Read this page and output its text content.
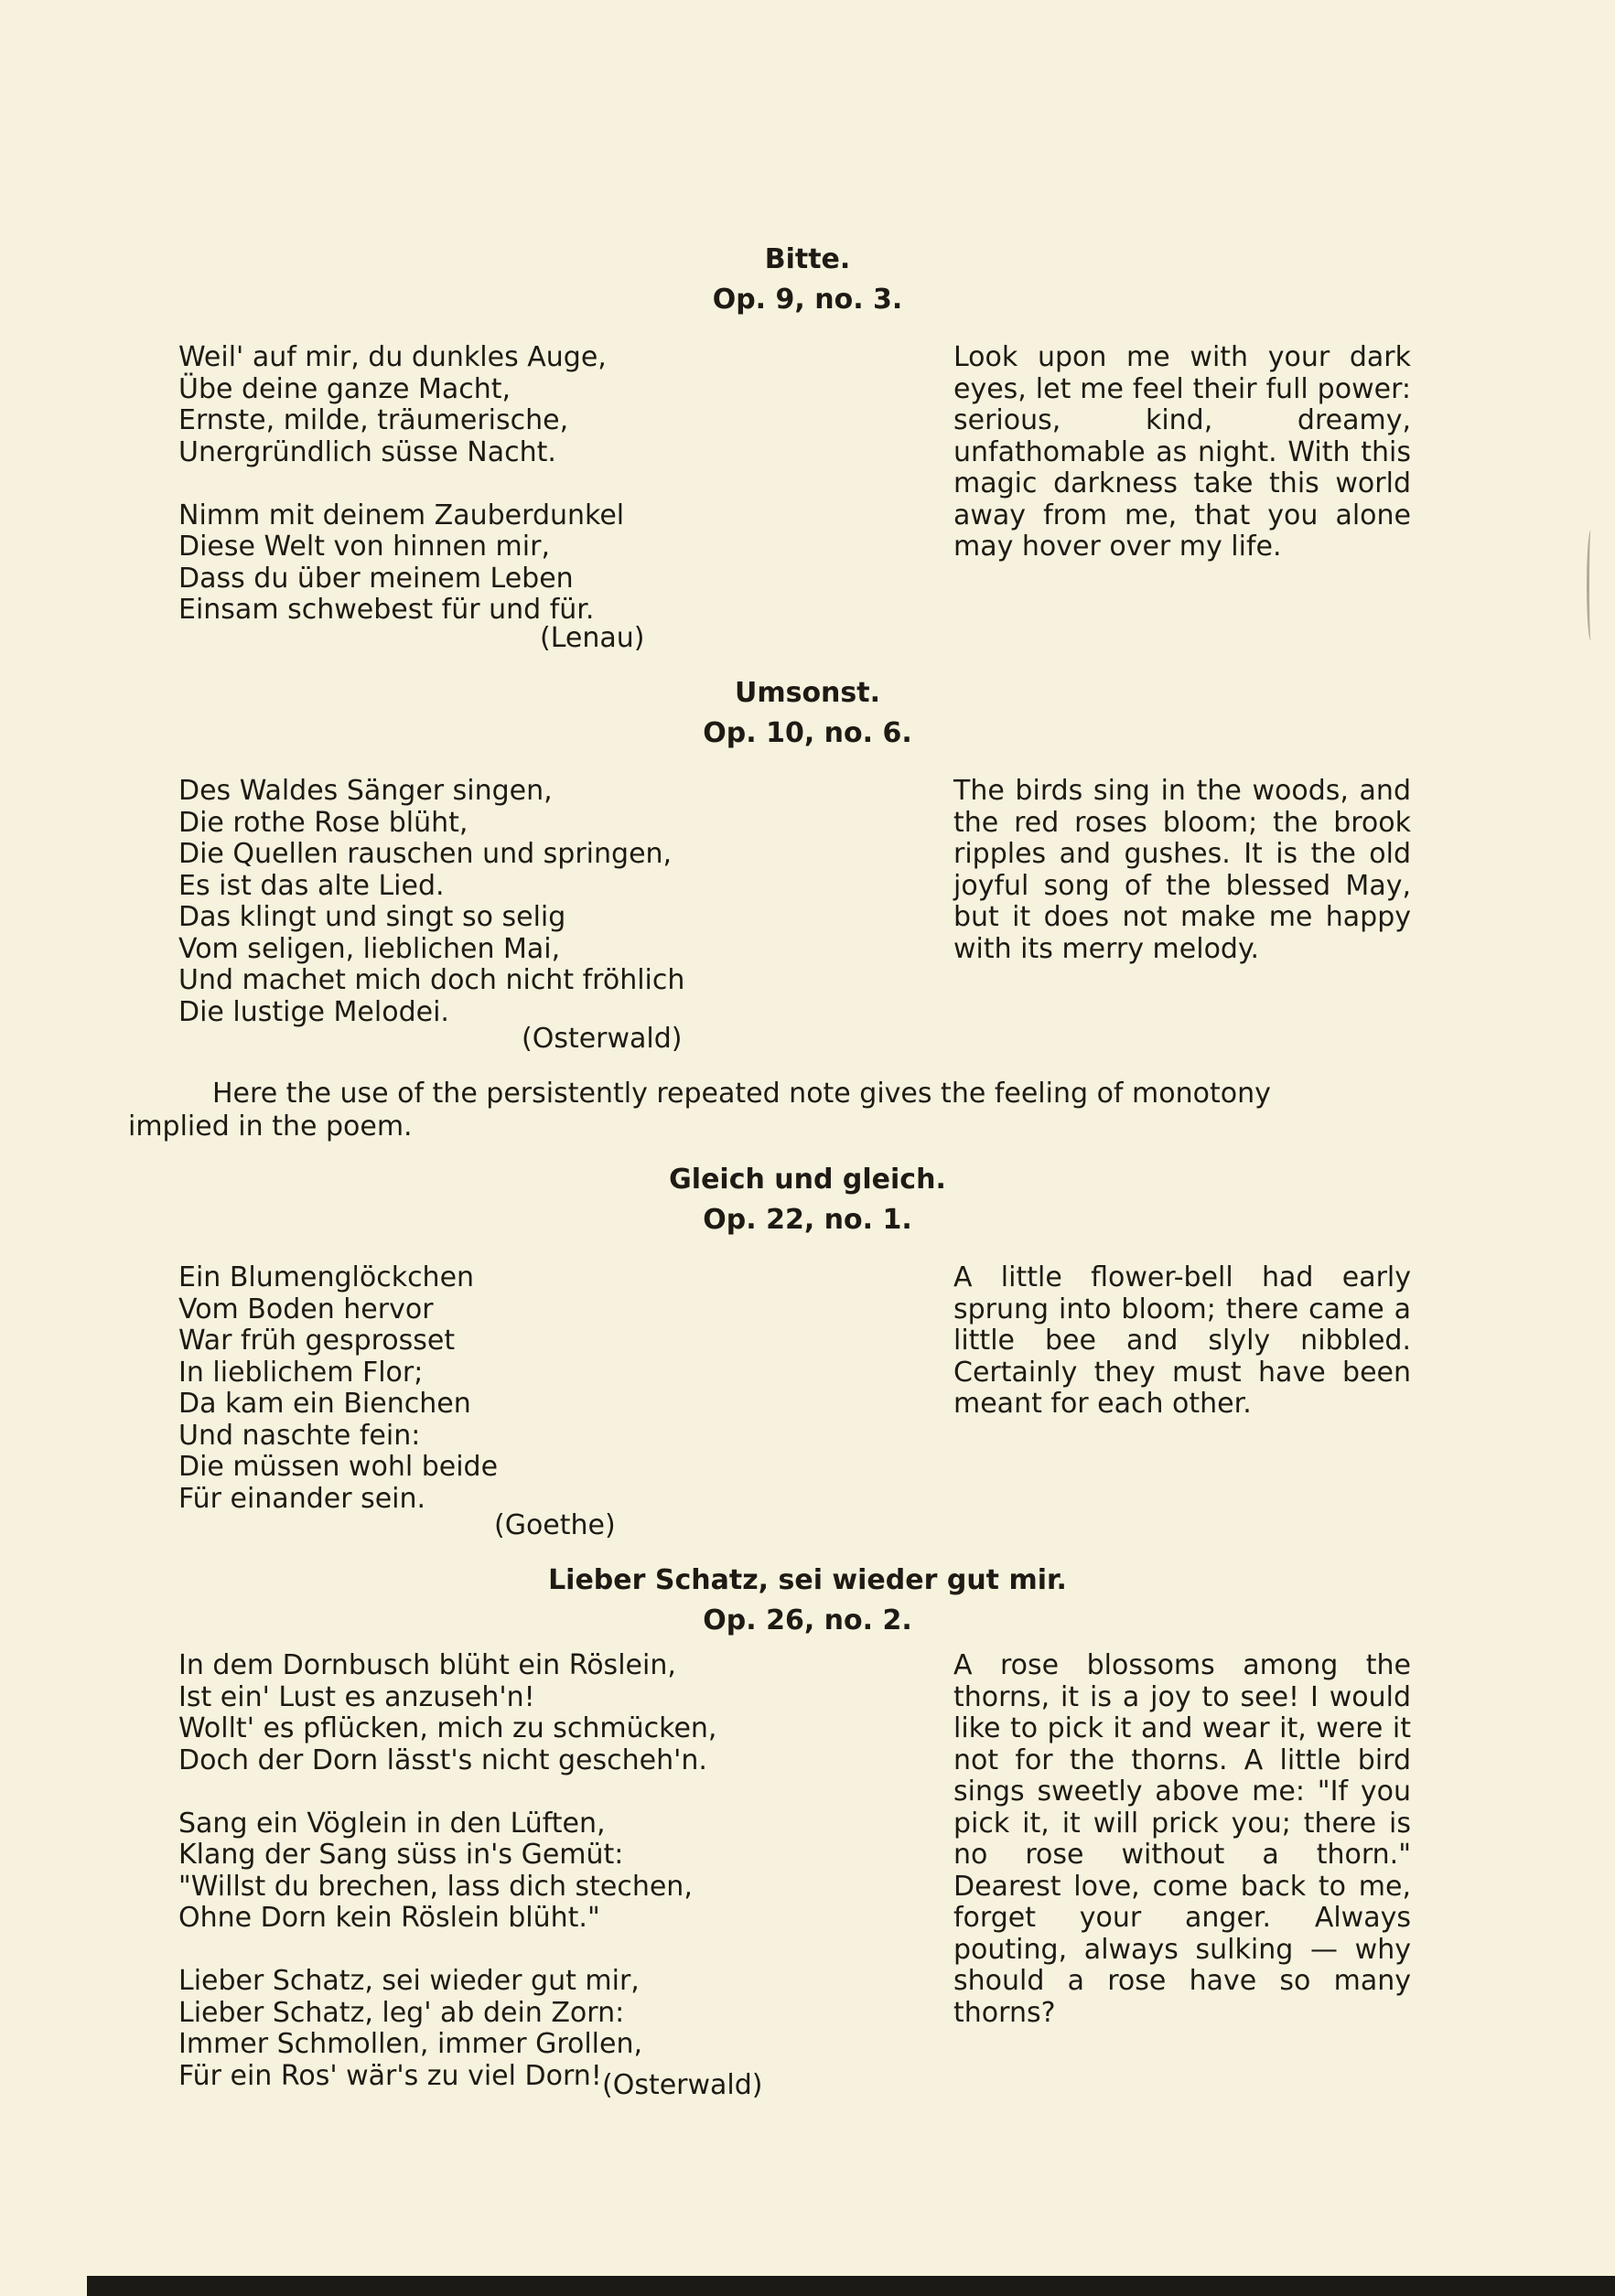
Bitte.
Op. 9, no. 3.
Weil' auf mir, du dunkles Auge,
Übe deine ganze Macht,
Ernste, milde, träumerische,
Unergründlich süsse Nacht.

Nimm mit deinem Zauberdunkel
Diese Welt von hinnen mir,
Dass du über meinem Leben
Einsam schwebest für und für.
(Lenau)
Look upon me with your dark eyes, let me feel their full power: serious, kind, dreamy, unfathomable as night. With this magic darkness take this world away from me, that you alone may hover over my life.
Umsonst.
Op. 10, no. 6.
Des Waldes Sänger singen,
Die rothe Rose blüht,
Die Quellen rauschen und springen,
Es ist das alte Lied.
Das klingt und singt so selig
Vom seligen, lieblichen Mai,
Und machet mich doch nicht fröhlich
Die lustige Melodei.
(Osterwald)
The birds sing in the woods, and the red roses bloom; the brook ripples and gushes. It is the old joyful song of the blessed May, but it does not make me happy with its merry melody.
Here the use of the persistently repeated note gives the feeling of monotony
implied in the poem.
Gleich und gleich.
Op. 22, no. 1.
Ein Blumenglöckchen
Vom Boden hervor
War früh gesprosset
In lieblichem Flor;
Da kam ein Bienchen
Und naschte fein:
Die müssen wohl beide
Für einander sein.
(Goethe)
A little flower-bell had early sprung into bloom; there came a little bee and slyly nibbled. Certainly they must have been meant for each other.
Lieber Schatz, sei wieder gut mir.
Op. 26, no. 2.
In dem Dornbusch blüht ein Röslein,
Ist ein' Lust es anzuseh'n!
Wollt' es pflücken, mich zu schmücken,
Doch der Dorn lässt's nicht gescheh'n.

Sang ein Vöglein in den Lüften,
Klang der Sang süss in's Gemüt:
"Willst du brechen, lass dich stechen,
Ohne Dorn kein Röslein blüht."

Lieber Schatz, sei wieder gut mir,
Lieber Schatz, leg' ab dein Zorn:
Immer Schmollen, immer Grollen,
Für ein Ros' wär's zu viel Dorn! (Osterwald)
A rose blossoms among the thorns, it is a joy to see! I would like to pick it and wear it, were it not for the thorns. A little bird sings sweetly above me: "If you pick it, it will prick you; there is no rose without a thorn." Dearest love, come back to me, forget your anger. Always pouting, always sulking — why should a rose have so many thorns?
